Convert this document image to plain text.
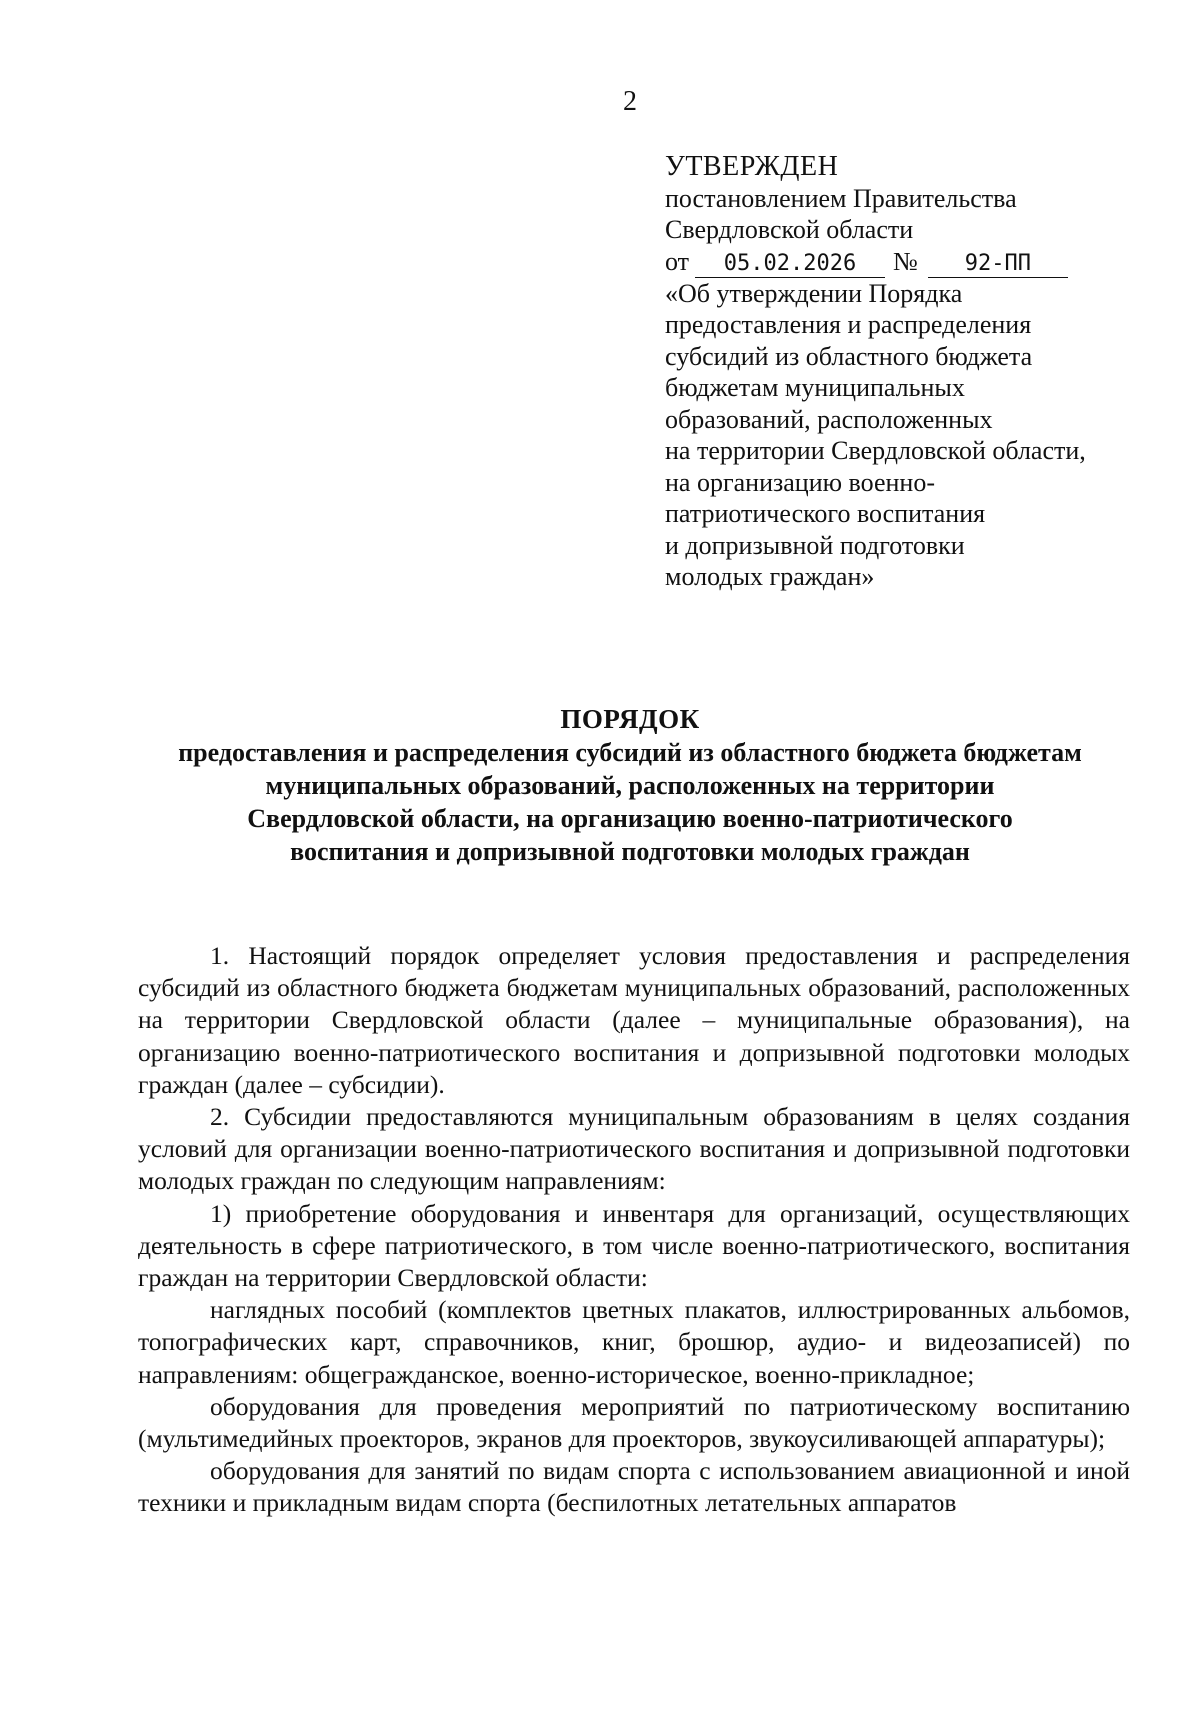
2
УТВЕРЖДЕН
постановлением Правительства
Свердловской области
от 05.02.2026 № 92-ПП
«Об утверждении Порядка
предоставления и распределения
субсидий из областного бюджета
бюджетам муниципальных
образований, расположенных
на территории Свердловской области,
на организацию военно-
патриотического воспитания
и допризывной подготовки
молодых граждан»
ПОРЯДОК
предоставления и распределения субсидий из областного бюджета бюджетам
муниципальных образований, расположенных на территории
Свердловской области, на организацию военно-патриотического
воспитания и допризывной подготовки молодых граждан

1. Настоящий порядок определяет условия предоставления и распределения субсидий из областного бюджета бюджетам муниципальных образований, расположенных на территории Свердловской области (далее – муниципальные образования), на организацию военно-патриотического воспитания и допризывной подготовки молодых граждан (далее – субсидии).

2. Субсидии предоставляются муниципальным образованиям в целях создания условий для организации военно-патриотического воспитания и допризывной подготовки молодых граждан по следующим направлениям:

1) приобретение оборудования и инвентаря для организаций, осуществляющих деятельность в сфере патриотического, в том числе военно-патриотического, воспитания граждан на территории Свердловской области:

наглядных пособий (комплектов цветных плакатов, иллюстрированных альбомов, топографических карт, справочников, книг, брошюр, аудио- и видеозаписей) по направлениям: общегражданское, военно-историческое, военно-прикладное;

оборудования для проведения мероприятий по патриотическому воспитанию (мультимедийных проекторов, экранов для проекторов, звукоусиливающей аппаратуры);

оборудования для занятий по видам спорта с использованием авиационной и иной техники и прикладным видам спорта (беспилотных летательных аппаратов
